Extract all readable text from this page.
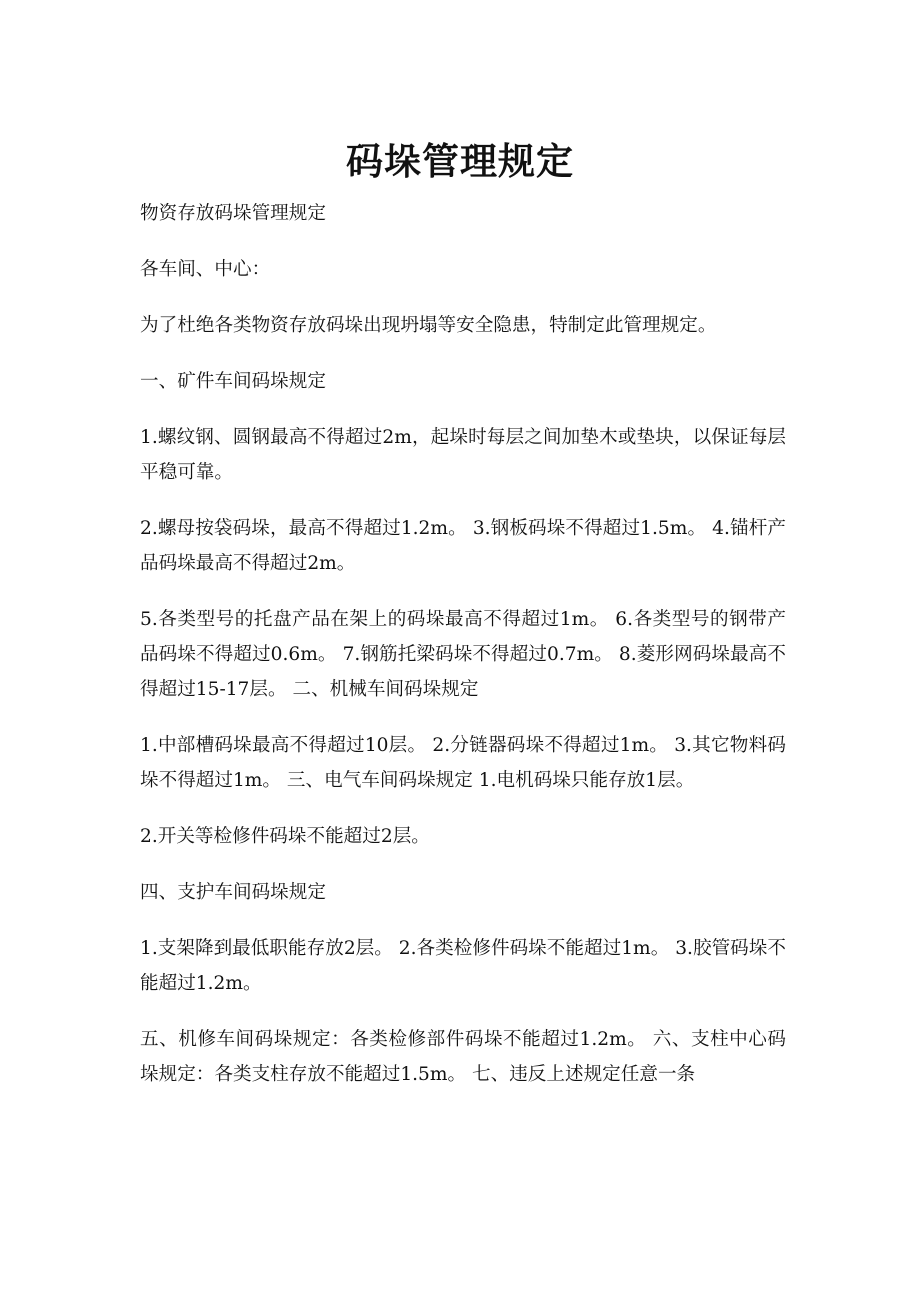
码垛管理规定

物资存放码垛管理规定

各车间、中心：

为了杜绝各类物资存放码垛出现坍塌等安全隐患，特制定此管理规定。

一、矿件车间码垛规定

1.螺纹钢、圆钢最高不得超过2m，起垛时每层之间加垫木或垫块，以保证每层平稳可靠。

2.螺母按袋码垛，最高不得超过1.2m。 3.钢板码垛不得超过1.5m。 4.锚杆产品码垛最高不得超过2m。

5.各类型号的托盘产品在架上的码垛最高不得超过1m。 6.各类型号的钢带产品码垛不得超过0.6m。 7.钢筋托梁码垛不得超过0.7m。 8.菱形网码垛最高不得超过15-17层。 二、机械车间码垛规定

1.中部槽码垛最高不得超过10层。 2.分链器码垛不得超过1m。 3.其它物料码垛不得超过1m。 三、电气车间码垛规定 1.电机码垛只能存放1层。

2.开关等检修件码垛不能超过2层。

四、支护车间码垛规定

1.支架降到最低职能存放2层。 2.各类检修件码垛不能超过1m。 3.胶管码垛不能超过1.2m。

五、机修车间码垛规定：各类检修部件码垛不能超过1.2m。 六、支柱中心码垛规定：各类支柱存放不能超过1.5m。 七、违反上述规定任意一条
